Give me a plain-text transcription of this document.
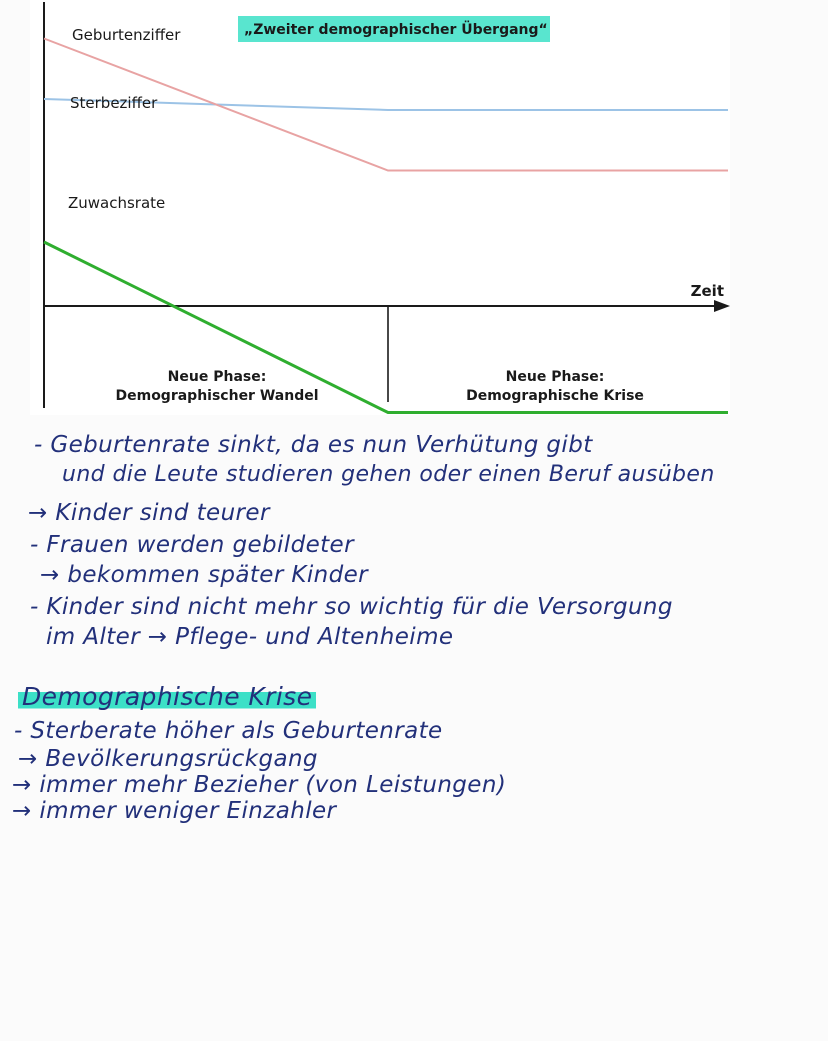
„Zweiter demographischer Übergang“
Geburtenziffer
Sterbeziffer
Zuwachsrate
Zeit
Neue Phase:
Demographischer Wandel
Neue Phase:
Demographische Krise
- Geburtenrate sinkt, da es nun Verhütung gibt
und die Leute studieren gehen oder einen Beruf ausüben
→ Kinder sind teurer
- Frauen werden gebildeter
→ bekommen später Kinder
- Kinder sind nicht mehr so wichtig für die Versorgung
im Alter → Pflege- und Altenheime
Demographische Krise
- Sterberate höher als Geburtenrate
→ Bevölkerungsrückgang
→ immer mehr Bezieher (von Leistungen)
→ immer weniger Einzahler
